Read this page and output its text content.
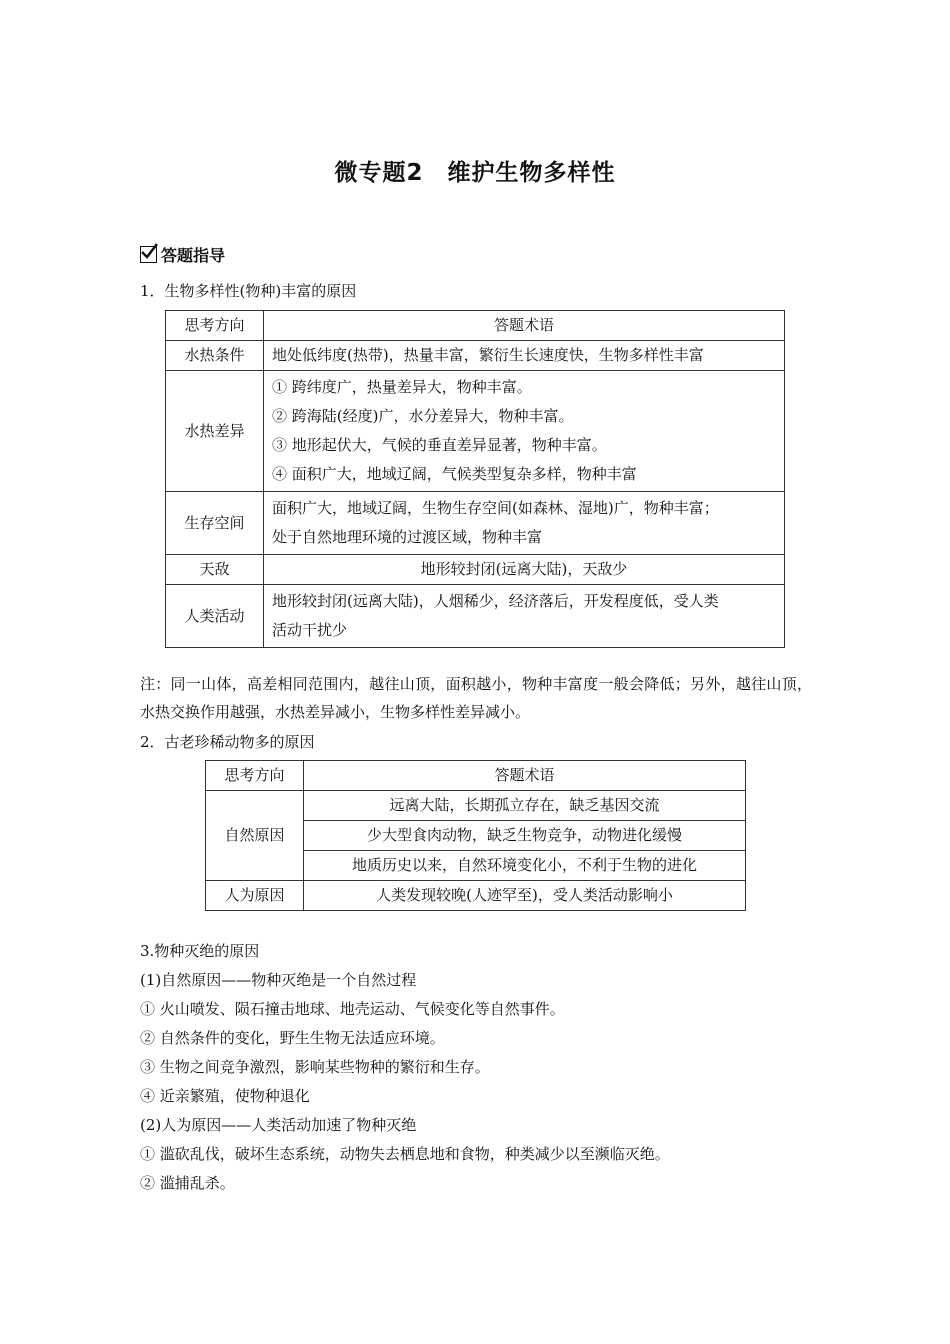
微专题2　维护生物多样性
答题指导
1．生物多样性(物种)丰富的原因
思考方向	答题术语
水热条件	地处低纬度(热带)，热量丰富，繁衍生长速度快，生物多样性丰富
水热差异	① 跨纬度广，热量差异大，物种丰富。
② 跨海陆(经度)广，水分差异大，物种丰富。
③ 地形起伏大，气候的垂直差异显著，物种丰富。
④ 面积广大，地域辽阔，气候类型复杂多样，物种丰富

生存空间	面积广大，地域辽阔，生物生存空间(如森林、湿地)广，物种丰富；
处于自然地理环境的过渡区域，物种丰富

天敌	地形较封闭(远离大陆)，天敌少
人类活动	地形较封闭(远离大陆)，人烟稀少，经济落后，开发程度低，受人类
活动干扰少
注：同一山体，高差相同范围内，越往山顶，面积越小，物种丰富度一般会降低；另外，越往山顶，水热交换作用越强，水热差异减小，生物多样性差异减小。
2．古老珍稀动物多的原因
思考方向	答题术语
自然原因	远离大陆，长期孤立存在，缺乏基因交流
	少大型食肉动物，缺乏生物竞争，动物进化缓慢
	地质历史以来，自然环境变化小，不利于生物的进化
人为原因	人类发现较晚(人迹罕至)，受人类活动影响小
3.物种灭绝的原因
(1)自然原因——物种灭绝是一个自然过程
① 火山喷发、陨石撞击地球、地壳运动、气候变化等自然事件。
② 自然条件的变化，野生生物无法适应环境。
③ 生物之间竞争激烈，影响某些物种的繁衍和生存。
④ 近亲繁殖，使物种退化
(2)人为原因——人类活动加速了物种灭绝
① 滥砍乱伐，破坏生态系统，动物失去栖息地和食物，种类减少以至濒临灭绝。
② 滥捕乱杀。
